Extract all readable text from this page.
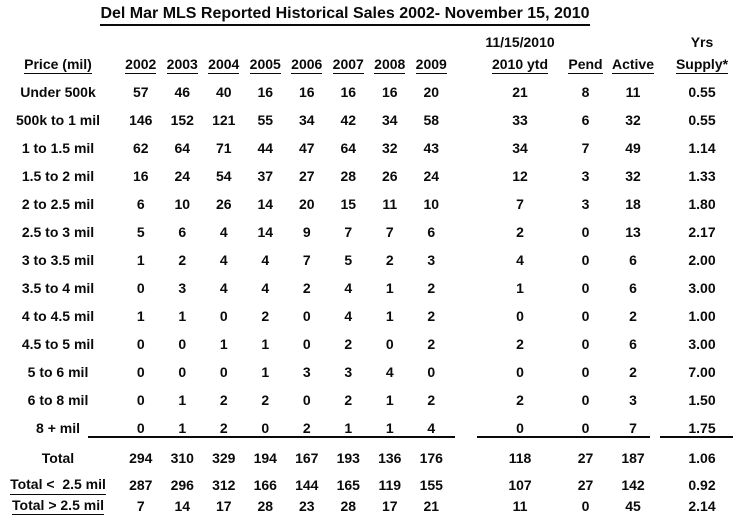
Del Mar MLS Reported Historical Sales 2002- November 15, 2010
11/15/2010	Yrs
Price (mil)	2002 2003 2004 2005 2006 2007 2008 2009	2010 ytd	Pend Active	Supply*
Under 500k	57	46	40	16	16	16	16	20	21	8	11	0.55
500k to 1 mil	146	152	121	55	34	42	34	58	33	6	32	0.55
1 to 1.5 mil	62	64	71	44	47	64	32	43	34	7	49	1.14
1.5 to 2 mil	16	24	54	37	27	28	26	24	12	3	32	1.33
2 to 2.5 mil	6	10	26	14	20	15	11	10	7	3	18	1.80
2.5 to 3 mil	5	6	4	14	9	7	7	6	2	0	13	2.17
3 to 3.5 mil	1	2	4	4	7	5	2	3	4	0	6	2.00
3.5 to 4 mil	0	3	4	4	2	4	1	2	1	0	6	3.00
4 to 4.5 mil	1	1	0	2	0	4	1	2	0	0	2	1.00
4.5 to 5 mil	0	0	1	1	0	2	0	2	2	0	6	3.00
5 to 6 mil	0	0	0	1	3	3	4	0	0	0	2	7.00
6 to 8 mil	0	1	2	2	0	2	1	2	2	0	3	1.50
8 + mil	0	1	2	0	2	1	1	4	0	0	7	1.75
Total	294	310	329	194	167	193	136	176	118	27	187	1.06
Total <  2.5 mil	287	296	312	166	144	165	119	155	107	27	142	0.92
Total > 2.5 mil	7	14	17	28	23	28	17	21	11	0	45	2.14
